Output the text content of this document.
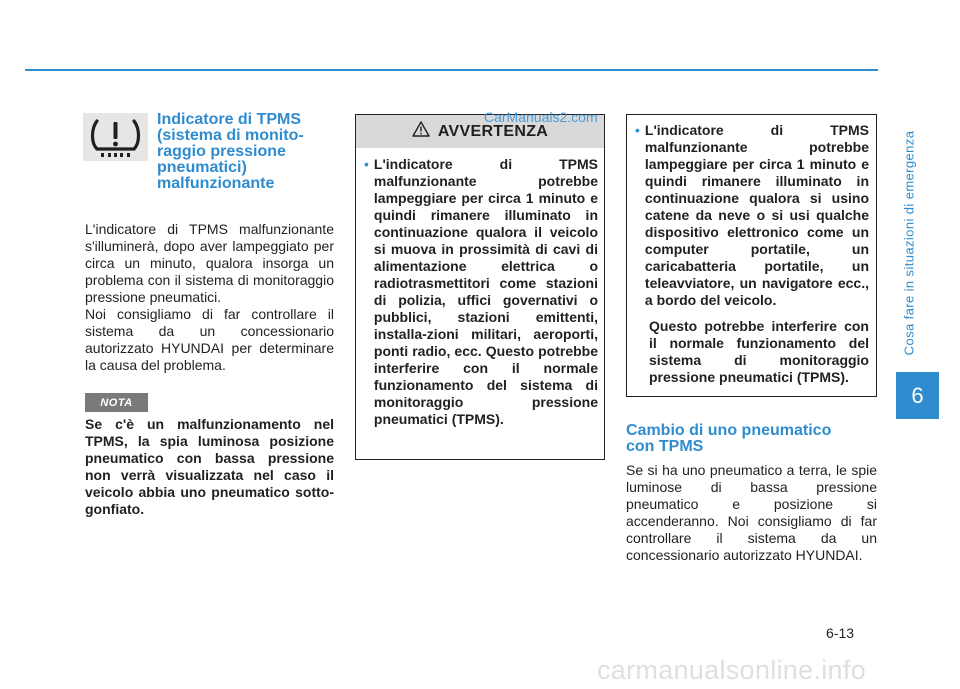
Cosa fare in situazioni di emergenza
6
Indicatore di TPMS
(sistema di monito-
raggio pressione
pneumatici)
malfunzionante
L'indicatore di TPMS malfunzionante s'illuminerà, dopo aver lampeggiato per circa un minuto, qualora insorga un problema con il sistema di monitoraggio pressione pneumatici.
Noi consigliamo di far controllare il sistema da un concessionario autorizzato HYUNDAI per determinare la causa del problema.
NOTA
Se c'è un malfunzionamento nel TPMS, la spia luminosa posizione pneumatico con bassa pressione non verrà visualizzata nel caso il veicolo abbia uno pneumatico sotto-gonfiato.
AVVERTENZA
• L'indicatore di TPMS malfunzionante potrebbe lampeggiare per circa 1 minuto e quindi rimanere illuminato in continuazione qualora il veicolo si muova in prossimità di cavi di alimentazione elettrica o radiotrasmettitori come stazioni di polizia, uffici governativi o pubblici, stazioni emittenti, installa-zioni militari, aeroporti, ponti radio, ecc. Questo potrebbe interferire con il normale funzionamento del sistema di monitoraggio pressione pneumatici (TPMS).
CarManuals2.com
• L'indicatore di TPMS malfunzionante potrebbe lampeggiare per circa 1 minuto e quindi rimanere illuminato in continuazione qualora si usino catene da neve o si usi qualche dispositivo elettronico come un computer portatile, un caricabatteria portatile, un teleavviatore, un navigatore ecc., a bordo del veicolo.
Questo potrebbe interferire con il normale funzionamento del sistema di monitoraggio pressione pneumatici (TPMS).
Cambio di uno pneumatico
con TPMS
Se si ha uno pneumatico a terra, le spie luminose di bassa pressione pneumatico e posizione si accenderanno. Noi consigliamo di far controllare il sistema da un concessionario autorizzato HYUNDAI.
6-13
carmanualsonline.info
